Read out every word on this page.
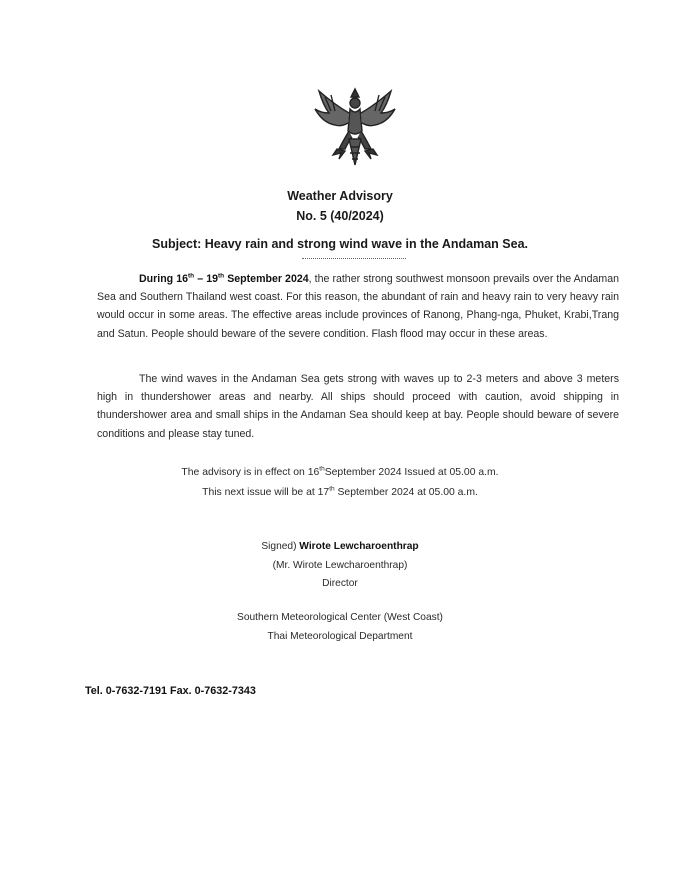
Weather Advisory
No. 5 (40/2024)
Subject: Heavy rain and strong wind wave in the Andaman Sea.
During 16th – 19th September 2024, the rather strong southwest monsoon prevails over the Andaman Sea and Southern Thailand west coast. For this reason, the abundant of rain and heavy rain to very heavy rain would occur in some areas. The effective areas include provinces of Ranong, Phang-nga, Phuket, Krabi,Trang and Satun. People should beware of the severe condition. Flash flood may occur in these areas.
The wind waves in the Andaman Sea gets strong with waves up to 2-3 meters and above 3 meters high in thundershower areas and nearby. All ships should proceed with caution, avoid shipping in thundershower area and small ships in the Andaman Sea should keep at bay. People should beware of severe conditions and please stay tuned.
The advisory is in effect on 16thSeptember 2024 Issued at 05.00 a.m.
This next issue will be at 17th September 2024 at 05.00 a.m.
Signed) Wirote Lewcharoenthrap
(Mr. Wirote Lewcharoenthrap)
Director
Southern Meteorological Center (West Coast)
Thai Meteorological Department
Tel. 0-7632-7191 Fax. 0-7632-7343
